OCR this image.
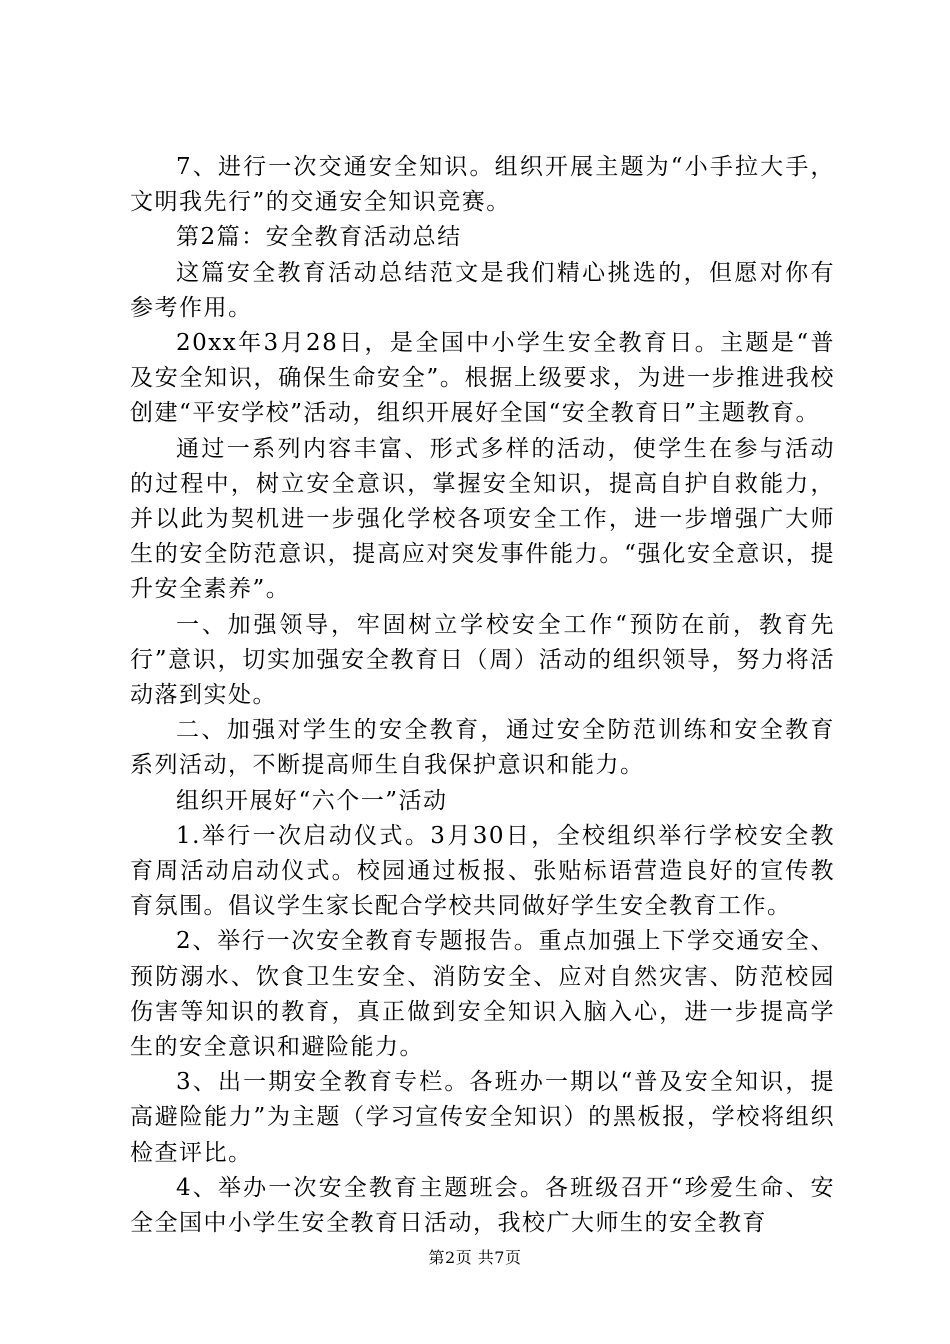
7、进行一次交通安全知识。组织开展主题为“小手拉大手，文明我先行”的交通安全知识竞赛。

第2篇：安全教育活动总结

这篇安全教育活动总结范文是我们精心挑选的，但愿对你有参考作用。

20xx年3月28日，是全国中小学生安全教育日。主题是“普及安全知识，确保生命安全”。根据上级要求，为进一步推进我校创建“平安学校”活动，组织开展好全国“安全教育日”主题教育。

通过一系列内容丰富、形式多样的活动，使学生在参与活动的过程中，树立安全意识，掌握安全知识，提高自护自救能力，并以此为契机进一步强化学校各项安全工作，进一步增强广大师生的安全防范意识，提高应对突发事件能力。“强化安全意识，提升安全素养”。

一、加强领导，牢固树立学校安全工作“预防在前，教育先行”意识，切实加强安全教育日（周）活动的组织领导，努力将活动落到实处。

二、加强对学生的安全教育，通过安全防范训练和安全教育系列活动，不断提高师生自我保护意识和能力。

组织开展好“六个一”活动

1.举行一次启动仪式。3月30日，全校组织举行学校安全教育周活动启动仪式。校园通过板报、张贴标语营造良好的宣传教育氛围。倡议学生家长配合学校共同做好学生安全教育工作。

2、举行一次安全教育专题报告。重点加强上下学交通安全、预防溺水、饮食卫生安全、消防安全、应对自然灾害、防范校园伤害等知识的教育，真正做到安全知识入脑入心，进一步提高学生的安全意识和避险能力。

3、出一期安全教育专栏。各班办一期以“普及安全知识，提高避险能力”为主题（学习宣传安全知识）的黑板报，学校将组织检查评比。

4、举办一次安全教育主题班会。各班级召开“珍爱生命、安全全国中小学生安全教育日活动，我校广大师生的安全教育

第2页 共7页
